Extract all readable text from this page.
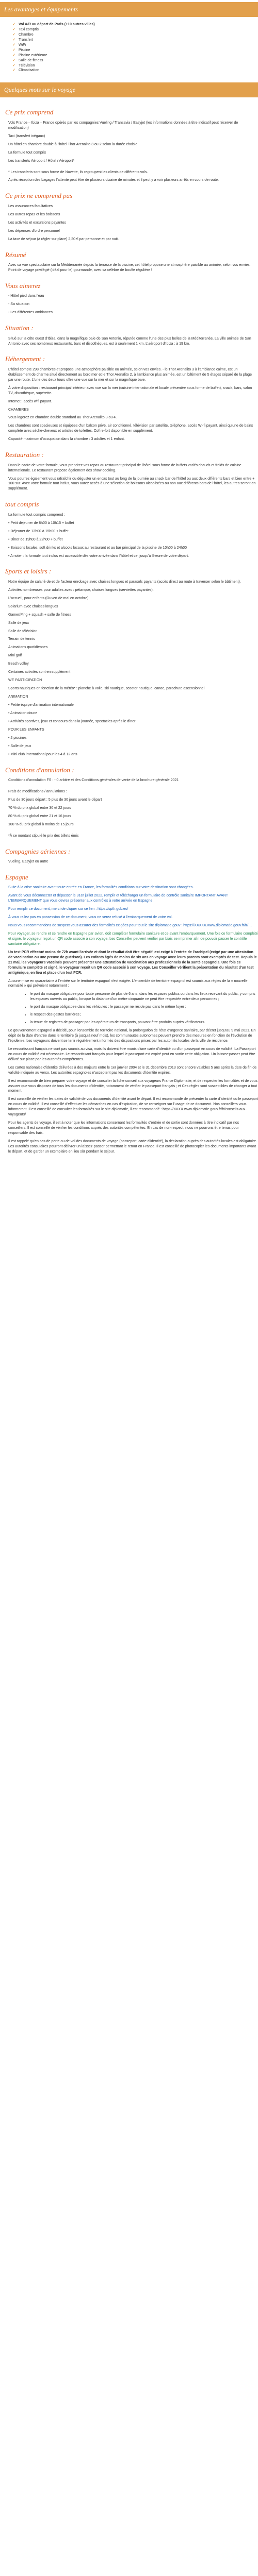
Les avantages et équipements
✓ Vol A/R au départ de Paris (+10 autres villes)
✓ Taxi compris
✓ Chambre
✓ Transfert
✓ WiFi
✓ Piscine
✓ Piscine extérieure
✓ Salle de fitness
✓ Télévision
✓ Climatisation
Quelques mots sur le voyage
Ce prix comprend

Vols France – Ibiza – France opérés par les compagnies Vueling / Transavia / Easyjet (les informations données à titre indicatif peut réserver de modification)

Taxi (transfert inégaux)

Un hôtel en chambre double à l'hôtel Thor Arenalito 3 ou 2 selon la durée choisie

La formule tout compris

Les transferts Aéroport / Hôtel / Aéroport*

* Les transferts sont sous forme de Navette, ils regroupent les clients de différents vols.

Après réception des bagages l'attente peut être de plusieurs dizaine de minutes et il peut y a voir plusieurs arrêts en cours de route.

Ce prix ne comprend pas

Les assurances facultatives

Les autres repas et les boissons

Les activités et excursions payantes

Les dépenses d'ordre personnel

La taxe de séjour (à régler sur place) 2,20 € par personne et par nuit.

Résumé

Avec sa vue spectaculaire sur la Méditerranée depuis la terrasse de la piscine, cet hôtel propose une atmosphère paisible au animée, selon vos envies. Point de voyage privilégié (idéal pour le) gourmande, avec sa célèbre de bouffe régulière !

Vous aimerez

- Hôtel pied dans l'eau

- Sa situation

- Les différentes ambiances

Situation :

Situé sur la côte ouest d'Ibiza, dans la magnifique baie de San Antonio, réputée comme l'une des plus belles de la Méditerranée. La ville animée de San Antonio avec ses nombreux restaurants, bars et discothèques, est à seulement 1 km. L'aéroport d'Ibiza : à 19 km.

Hébergement :

L'hôtel compte 298 chambres et propose une atmosphère paisible ou animée, selon vos envies. - le Thor Arenalito 3 à l'ambiance calme, est un établissement de charme situé directement au bord mer et le Thor Arenalito 2, à l'ambiance plus animée, est un bâtiment de 5 étages séparé de la plage par une route. L'une des deux tours offre une vue sur la mer et sur la magnifique baie.

À votre disposition : restaurant principal intérieur avec vue sur la mer (cuisine internationale et locale présentée sous forme de buffet), snack, bars, salon TV, discothèque, supérette.

Internet : accès wifi payant.

CHAMBRES

Vous logerez en chambre double standard au Thor Arenalito 3 ou 4.

Les chambres sont spacieuses et équipées d'un balcon privé, air conditionné, télévision par satellite, téléphone, accès Wi-fi payant, ainsi qu'une de bains complète avec sèche-cheveux et articles de toilettes. Coffre-fort disponible en supplément.

Capacité maximum d'occupation dans la chambre : 3 adultes et 1 enfant.

Restauration :

Dans le cadre de votre formule, vous prendrez vos repas au restaurant principal de l'hôtel sous forme de buffets variés chauds et froids de cuisine internationale. Le restaurant propose également des show-cooking.

Vous pourrez également vous rafraîchir ou déguster un encas tout au long de la journée au snack bar de l'hôtel ou aux deux différents bars et bien entre + 100 sur. Avec votre formule tout inclus, vous aurez accès à une sélection de boissons alcoolisées ou non aux différents bars de l'hôtel, les autres seront en supplément.

tout compris

La formule tout compris comprend :

• Petit déjeuner de 8h00 à 10h15 + buffet

• Déjeuner de 13h00 à 15h00 + buffet

• Dîner de 19h00 à 22h00 + buffet

• Boissons locales, soft drinks et alcools locaux au restaurant et au bar principal de la piscine de 10h00 à 24h00

• A noter : la formule tout inclus est accessible dès votre arrivée dans l'hôtel et ce, jusqu'à l'heure de votre départ.

Sports et loisirs :

Notre équipe de salarié de et de l'acteur enrobage avec chaises longues et parasols payants (accès direct au route à traverser selon le bâtiment).

Activités nombreuses pour adultes avec : pétanque, chaises longues (serviettes payantes).

L'accueil, pour enfants (Ouvert de mai en octobre)

Solarium avec chaises longues

Gamer/Ping + squash + salle de fitness

Salle de jeux

Salle de télévision

Terrain de tennis

Animations quotidiennes

Mini golf

Beach volley

Certaines activités sont en supplément

WE PARTICIPATION

Sports nautiques en fonction de la météo* : planche à voile, ski nautique, scooter nautique, canoë, parachute ascensionnel

ANIMATION

• Petite équipe d'animation internationale

• Animation douce

• Activités sportives, jeux et concours dans la journée, spectacles après le dîner

POUR LES ENFANTS

• 2 piscines

• Salle de jeux

• Mini club international pour les 4 à 12 ans

Conditions d'annulation :

Conditions d'annulation FS : - 0 arbitre et des Conditions générales de vente de la brochure générale 2021

Frais de modifications / annulations :

Plus de 30 jours départ : 5 plus de 30 jours avant le départ

70 % du prix global entre 30 et 22 jours

80 % du prix global entre 21 et 16 jours

100 % du prix global à moins de 15 jours

*À se montant stipulé le prix des billets émis

Compagnies aériennes :

Vueling, Easyjet ou autre

Espagne

Suite à la crise sanitaire avant toute entrée en France, les formalités conditions sur votre destination sont changées.

Avant de vous déconnecter et dépasser le 31er juillet 2022, remplir et télécharger un formulaire de contrôle sanitaire IMPORTANT AVANT L'EMBARQUEMENT que vous devrez présenter aux contrôles à votre arrivée en Espagne.

Pour remplir ce document, merci de cliquer sur ce lien : https://spth.gob.es/

À vous rallez pas en possession de ce document, vous ne serez refusé à l'embarquement de votre vol.

Nous vous recommandons de suspect vous assurer des formalités exigées pour tout le site diplomatie.gouv : https://XXXXX.www.diplomatie.gouv.fr/fr/…

Pour voyager, se rendre et se rendre en Espagne par avion, doit complèter formulaire sanitaire et ce avant l'embarquement. Une fois ce formulaire complété et signé, le voyageur reçoit un QR code associé à son voyage. Les Conseiller peuvent vérifier par biais se imprimer afin de pouvoir passer le contrôle sanitaire obligatoire.

Un test PCR effectué moins de 72h avant l'arrivée et dont le résultat doit être négatif, est exigé à l'entrée de l'archipel (exigé par une attestation de vaccination ou une preuve de guérison). Les enfants âgés de moins de six ans en voyage avec leurs parents sont exemptés de test. Depuis le 21 mai, les voyageurs vaccinés peuvent présenter une attestation de vaccination aux professionnels de la santé espagnols. Une fois ce formulaire complété et signé, le voyageur reçoit un QR code associé à son voyage. Les Conseiller vérifient la présentation du résultat d'un test antigénique, en lieu et place d'un test PCR.

Aucune mise en quarantaine à l'entrée sur le territoire espagnol n'est exigée. L'ensemble de territoire espagnol est soumis aux règles de la « nouvelle normalité » qui prévoient notamment :

• le port du masque obligatoire pour toute personne de plus de 6 ans, dans les espaces publics ou dans les lieux recevant du public, y compris les espaces ouverts au public, lorsque la distance d'un mètre cinquante ne peut être respectée entre deux personnes ;
• le port du masque obligatoire dans les véhicules ; le passager ne réside pas dans le même foyer ;
• le respect des gestes barrières ;
• la tenue de registres de passager par les opérateurs de transports, pouvant être produits auprès vérificateurs.

Le gouvernement espagnol a décidé, pour l'ensemble de territoire national, la prolongation de l'état d'urgence sanitaire, par décret jusqu'au 9 mai 2021. En dépit de la date d'entrée dans le territoire (à jusqu'à neuf mois), les communautés autonomes peuvent prendre des mesures en fonction de l'évolution de l'épidémie. Les voyageurs doivent se tenir régulièrement informés des dispositions prises par les autorités locales de la ville de résidence.

Le ressortissant français ne sont pas soumis au visa, mais ils doivent être munis d'une carte d'identité ou d'un passeport en cours de validité. La Passeport en cours de validité est nécessaire. Le ressortissant français pour lequel le passeport est expiré peut en sortie cette obligation. Un laissez-passer peut être délivré sur place par les autorités compétentes.

Les cartes nationales d'identité délivrées à des majeurs entre le 1er janvier 2004 et le 31 décembre 2013 sont encore valables 5 ans après la date de fin de validité indiquée au verso. Les autorités espagnoles n'acceptent pas les documents d'identité expirés.

Il est recommandé de bien préparer votre voyage et de consulter la fiche conseil aux voyageurs France Diplomatie, et de respecter les formalités et de vous assurer que vous disposez de tous les documents d'identité, notamment de vérifier le passeport français ; et Ces règles sont susceptibles de changer à tout moment.

Il est conseillé de vérifier les dates de validité de vos documents d'identité avant le départ. Il est recommandé de présenter la carte d'identité ou le passeport en cours de validité. Il est conseillé d'effectuer les démarches en cas d'expiration, de se renseigner sur l'usage de ce document. Nos conseillers vous informeront. Il est conseillé de consulter les formalités sur le site diplomatie, il est recommandé : https://XXXX.www.diplomatie.gouv.fr/fr/conseils-aux-voyageurs/

Pour les agents de voyage, il est à noter que les informations concernant les formalités d'entrée et de sortie sont données à titre indicatif par nos conseillers. Il est conseillé de vérifier les conditions auprès des autorités compétentes. En cas de non-respect, nous ne pourrons être tenus pour responsable des frais.

Il est rappelé qu'en cas de perte ou de vol des documents de voyage (passeport, carte d'identité), la déclaration auprès des autorités locales est obligatoire. Les autorités consulaires pourront délivrer un laissez-passer permettant le retour en France. Il est conseillé de photocopier les documents importants avant le départ, et de garder un exemplaire en lieu sûr pendant le séjour.
